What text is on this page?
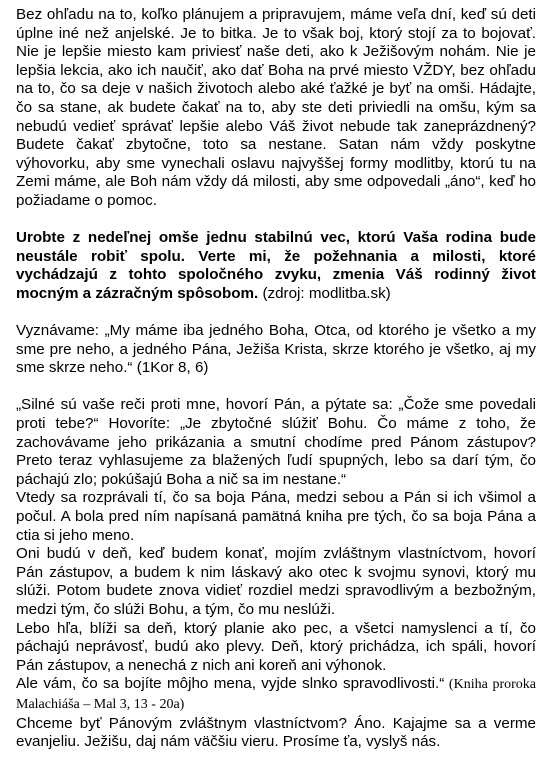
Bez ohľadu na to, koľko plánujem a pripravujem, máme veľa dní, keď sú deti úplne iné než anjelské. Je to bitka. Je to však boj, ktorý stojí za to bojovať. Nie je lepšie miesto kam priviesť naše deti, ako k Ježišovým nohám. Nie je lepšia lekcia, ako ich naučiť, ako dať Boha na prvé miesto VŽDY, bez ohľadu na to, čo sa deje v našich životoch alebo aké ťažké je byť na omši. Hádajte, čo sa stane, ak budete čakať na to, aby ste deti priviedli na omšu, kým sa nebudú vedieť správať lepšie alebo Váš život nebude tak zaneprázdnený? Budete čakať zbytočne, toto sa nestane. Satan nám vždy poskytne výhovorku, aby sme vynechali oslavu najvyššej formy modlitby, ktorú tu na Zemi máme, ale Boh nám vždy dá milosti, aby sme odpovedali „áno“, keď ho požiadame o pomoc.

Urobte z nedeľnej omše jednu stabilnú vec, ktorú Vaša rodina bude neustále robiť spolu. Verte mi, že požehnania a milosti, ktoré vychádzajú z tohto spoločného zvyku, zmenia Váš rodinný život mocným a zázračným spôsobom. (zdroj: modlitba.sk)

Vyznávame: „My máme iba jedného Boha, Otca, od ktorého je všetko a my sme pre neho, a jedného Pána, Ježiša Krista, skrze ktorého je všetko, aj my sme skrze neho.“ (1Kor 8, 6)

„Silné sú vaše reči proti mne, hovorí Pán, a pýtate sa: „Čože sme povedali proti tebe?“ Hovoríte: „Je zbytočné slúžiť Bohu. Čo máme z toho, že zachovávame jeho prikázania a smutní chodíme pred Pánom zástupov? Preto teraz vyhlasujeme za blažených ľudí spupných, lebo sa darí tým, čo páchajú zlo; pokúšajú Boha a nič sa im nestane.“

Vtedy sa rozprávali tí, čo sa boja Pána, medzi sebou a Pán si ich všimol a počul. A bola pred ním napísaná pamätná kniha pre tých, čo sa boja Pána a ctia si jeho meno.

Oni budú v deň, keď budem konať, mojím zvláštnym vlastníctvom, hovorí Pán zástupov, a budem k nim láskavý ako otec k svojmu synovi, ktorý mu slúži. Potom budete znova vidieť rozdiel medzi spravodlivým a bezbožným, medzi tým, čo slúži Bohu, a tým, čo mu neslúži.

Lebo hľa, blíži sa deň, ktorý planie ako pec, a všetci namyslenci a tí, čo páchajú neprávosť, budú ako plevy. Deň, ktorý prichádza, ich spáli, hovorí Pán zástupov, a nenechá z nich ani koreň ani výhonok.

Ale vám, čo sa bojíte môjho mena, vyjde slnko spravodlivosti.“ (Kniha proroka Malachiáša – Mal 3, 13 - 20a)

Chceme byť Pánovým zvláštnym vlastníctvom? Áno. Kajajme sa a verme evanjeliu. Ježišu, daj nám väčšiu vieru. Prosíme ťa, vyslyš nás.
